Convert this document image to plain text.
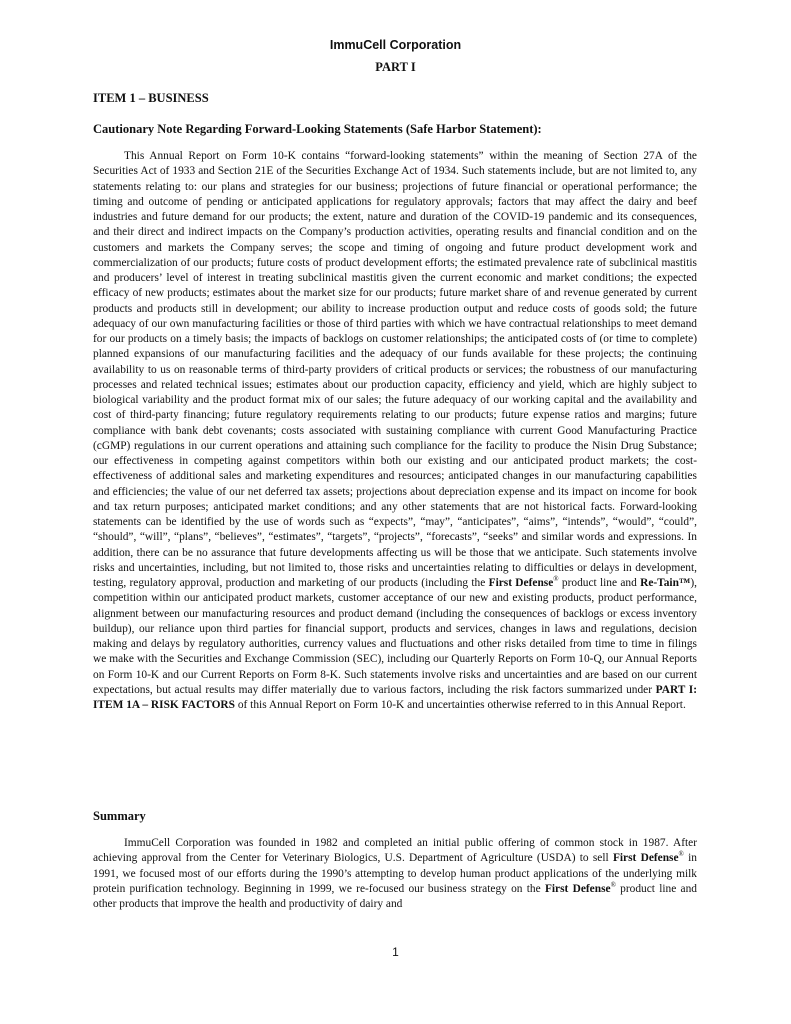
ImmuCell Corporation
PART I
ITEM 1 – BUSINESS
Cautionary Note Regarding Forward-Looking Statements (Safe Harbor Statement):

This Annual Report on Form 10-K contains “forward-looking statements” within the meaning of Section 27A of the Securities Act of 1933 and Section 21E of the Securities Exchange Act of 1934. Such statements include, but are not limited to, any statements relating to: our plans and strategies for our business; projections of future financial or operational performance; the timing and outcome of pending or anticipated applications for regulatory approvals; factors that may affect the dairy and beef industries and future demand for our products; the extent, nature and duration of the COVID-19 pandemic and its consequences, and their direct and indirect impacts on the Company’s production activities, operating results and financial condition and on the customers and markets the Company serves; the scope and timing of ongoing and future product development work and commercialization of our products; future costs of product development efforts; the estimated prevalence rate of subclinical mastitis and producers’ level of interest in treating subclinical mastitis given the current economic and market conditions; the expected efficacy of new products; estimates about the market size for our products; future market share of and revenue generated by current products and products still in development; our ability to increase production output and reduce costs of goods sold; the future adequacy of our own manufacturing facilities or those of third parties with which we have contractual relationships to meet demand for our products on a timely basis; the impacts of backlogs on customer relationships; the anticipated costs of (or time to complete) planned expansions of our manufacturing facilities and the adequacy of our funds available for these projects; the continuing availability to us on reasonable terms of third-party providers of critical products or services; the robustness of our manufacturing processes and related technical issues; estimates about our production capacity, efficiency and yield, which are highly subject to biological variability and the product format mix of our sales; the future adequacy of our working capital and the availability and cost of third-party financing; future regulatory requirements relating to our products; future expense ratios and margins; future compliance with bank debt covenants; costs associated with sustaining compliance with current Good Manufacturing Practice (cGMP) regulations in our current operations and attaining such compliance for the facility to produce the Nisin Drug Substance; our effectiveness in competing against competitors within both our existing and our anticipated product markets; the cost-effectiveness of additional sales and marketing expenditures and resources; anticipated changes in our manufacturing capabilities and efficiencies; the value of our net deferred tax assets; projections about depreciation expense and its impact on income for book and tax return purposes; anticipated market conditions; and any other statements that are not historical facts. Forward-looking statements can be identified by the use of words such as “expects”, “may”, “anticipates”, “aims”, “intends”, “would”, “could”, “should”, “will”, “plans”, “believes”, “estimates”, “targets”, “projects”, “forecasts”, “seeks” and similar words and expressions. In addition, there can be no assurance that future developments affecting us will be those that we anticipate. Such statements involve risks and uncertainties, including, but not limited to, those risks and uncertainties relating to difficulties or delays in development, testing, regulatory approval, production and marketing of our products (including the First Defense® product line and Re-Tain™), competition within our anticipated product markets, customer acceptance of our new and existing products, product performance, alignment between our manufacturing resources and product demand (including the consequences of backlogs or excess inventory buildup), our reliance upon third parties for financial support, products and services, changes in laws and regulations, decision making and delays by regulatory authorities, currency values and fluctuations and other risks detailed from time to time in filings we make with the Securities and Exchange Commission (SEC), including our Quarterly Reports on Form 10-Q, our Annual Reports on Form 10-K and our Current Reports on Form 8-K. Such statements involve risks and uncertainties and are based on our current expectations, but actual results may differ materially due to various factors, including the risk factors summarized under PART I: ITEM 1A – RISK FACTORS of this Annual Report on Form 10-K and uncertainties otherwise referred to in this Annual Report.

Summary

ImmuCell Corporation was founded in 1982 and completed an initial public offering of common stock in 1987. After achieving approval from the Center for Veterinary Biologics, U.S. Department of Agriculture (USDA) to sell First Defense® in 1991, we focused most of our efforts during the 1990’s attempting to develop human product applications of the underlying milk protein purification technology. Beginning in 1999, we re-focused our business strategy on the First Defense® product line and other products that improve the health and productivity of dairy and

1
